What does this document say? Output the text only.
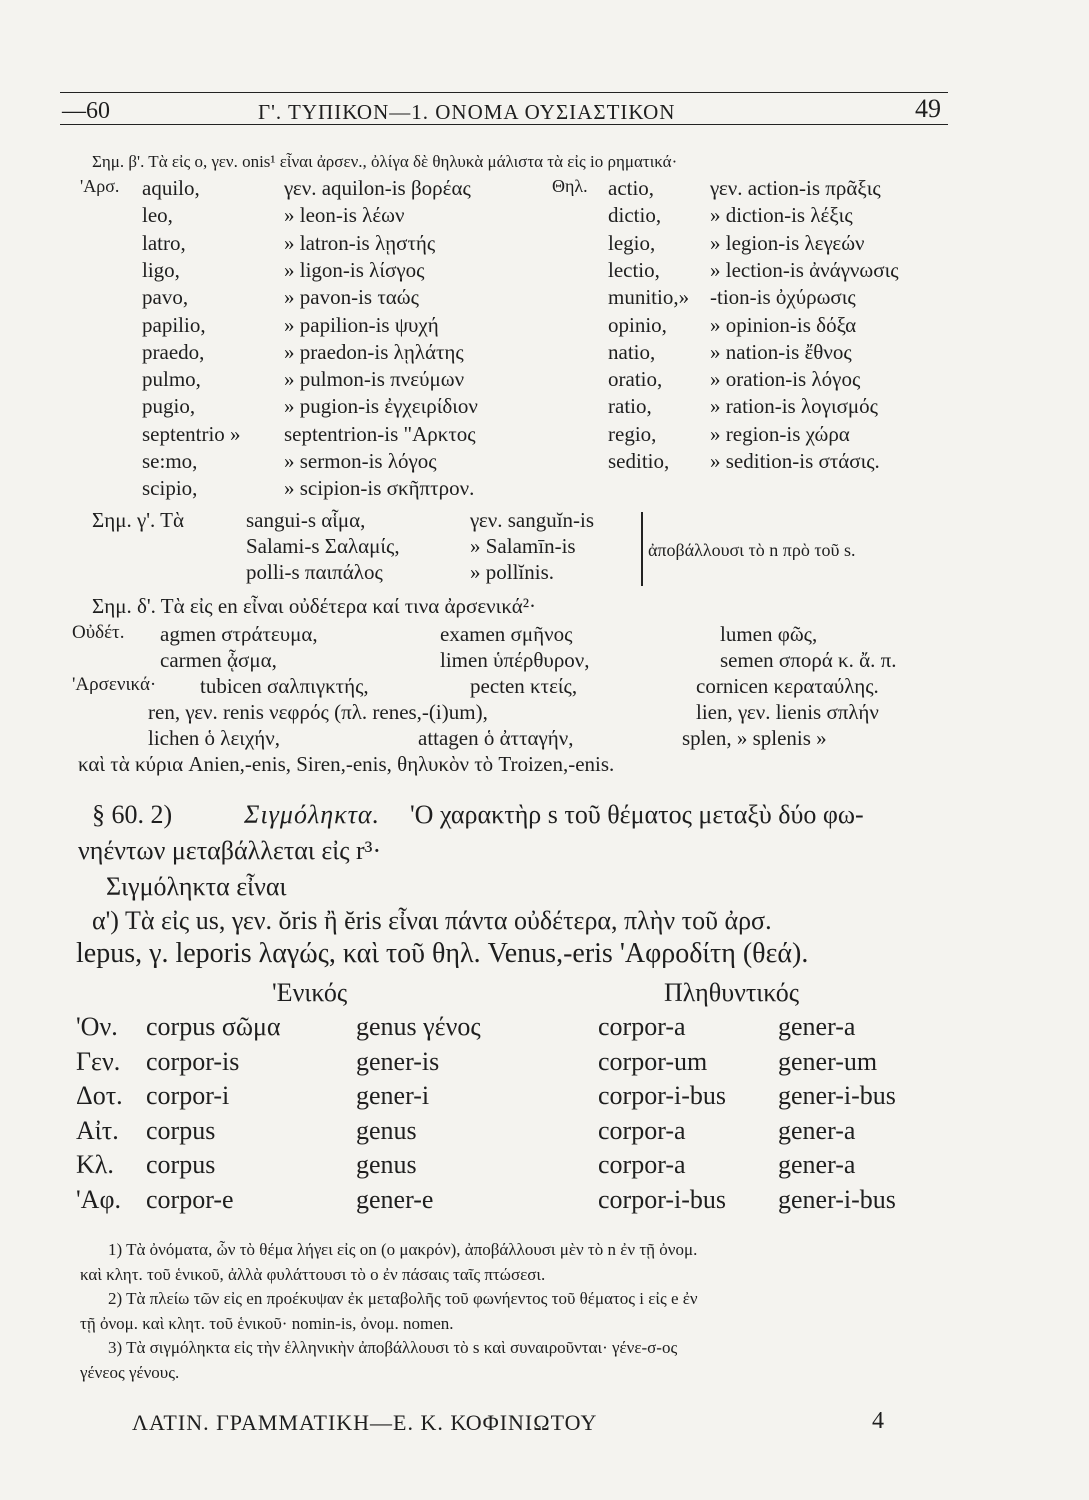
—60	Γ'. ΤΥΠΙΚΟΝ—1. ΟΝΟΜΑ ΟΥΣΙΑΣΤΙΚΟΝ	49
Σημ. β'. Τὰ εἰς o, γεν. onis¹ εἶναι ἀρσεν., ὀλίγα δὲ θηλυκὰ μάλιστα τὰ εἰς io ρηματικά·
'Αρσ.	Θηλ.
aquilo,	γεν. aquilon-is βορέας	actio,	γεν. action-is πρᾶξις
leo,	» leon-is λέων	dictio, » diction-is λέξις
latro,	» latron-is λῃστής	legio,	» legion-is λεγεών
ligo,	» ligon-is λίσγος	lectio, » lection-is ἀνάγνωσις
pavo,	» pavon-is ταώς	munitio,» -tion-is ὀχύρωσις
papilio,	» papilion-is ψυχή	opinio, » opinion-is δόξα
praedo,	» praedon-is λῃλάτης	natio,	» nation-is ἔθνος
pulmo,	» pulmon-is πνεύμων	oratio, » oration-is λόγος
pugio,	» pugion-is ἐγχειρίδιον	ratio,	» ration-is λογισμός
septentrio » septentrion-is "Αρκτος	regio,	» region-is χώρα
se:mo,	» sermon-is λόγος	seditio, » sedition-is στάσις.
scipio,	» scipion-is σκῆπτρον.
Σημ. γ'. Τὰ	sangui-s αἷμα,	γεν. sanguĭn-is
Salami-s Σαλαμίς,	» Salamīn-is
polli-s παιπάλος	» pollĭnis.
ἀποβάλλουσι τὸ n πρὸ τοῦ s.
Σημ. δ'. Τὰ εἰς en εἶναι οὐδέτερα καί τινα ἀρσενικά²·
Οὐδέτ.
'Αρσενικά·
agmen στράτευμα,	examen σμῆνος	lumen φῶς,
carmen ᾆσμα,	limen ὑπέρθυρον,	semen σπορά κ. ἄ. π.
tubicen σαλπιγκτής,	pecten κτείς,	cornicen κεραταύλης.
ren, γεν. renis νεφρός (πλ. renes,-(i)um),	lien, γεν. lienis σπλήν
lichen ὁ λειχήν,	attagen ὁ ἀτταγήν,	splen, » splenis »
καὶ τὰ κύρια Anien,-enis, Siren,-enis, θηλυκὸν τὸ Troizen,-enis.
§ 60. 2)	Σιγμόληκτα. 'Ο χαρακτὴρ s τοῦ θέματος μεταξὺ δύο φω-
νηέντων μεταβάλλεται εἰς r³·
Σιγμόληκτα εἶναι
α') Τὰ εἰς us, γεν. ŏris ἢ ĕris εἶναι πάντα οὐδέτερα, πλὴν τοῦ ἀρσ.
lepus, γ. leporis λαγώς, καὶ τοῦ θηλ. Venus,-eris 'Αφροδίτη (θεά).
'Ενικός	Πληθυντικός
'Ον. corpus σῶμα	genus γένος	corpor-a	gener-a
Γεν. corpor-is	gener-is	corpor-um	gener-um
Δοτ. corpor-i	gener-i	corpor-i-bus gener-i-bus
Αἰτ. corpus	genus	corpor-a	gener-a
Κλ. corpus	genus	corpor-a	gener-a
'Αφ. corpor-e	gener-e	corpor-i-bus gener-i-bus
1) Τὰ ὀνόματα, ὧν τὸ θέμα λήγει εἰς on (o μακρόν), ἀποβάλλουσι μὲν τὸ n ἐν τῇ ὀνομ.
καὶ κλητ. τοῦ ἑνικοῦ, ἀλλὰ φυλάττουσι τὸ o ἐν πάσαις ταῖς πτώσεσι.
2) Τὰ πλείω τῶν εἰς en προέκυψαν ἐκ μεταβολῆς τοῦ φωνήεντος τοῦ θέματος i εἰς e ἐν
τῇ ὀνομ. καὶ κλητ. τοῦ ἑνικοῦ· nomin-is, ὀνομ. nomen.
3) Τὰ σιγμόληκτα εἰς τὴν ἑλληνικὴν ἀποβάλλουσι τὸ s καὶ συναιροῦνται· γένε-σ-ος
γένεος γένους.
ΛΑΤΙΝ. ΓΡΑΜΜΑΤΙΚΗ—Ε. Κ. ΚΟΦΙΝΙΩΤΟΥ	4
